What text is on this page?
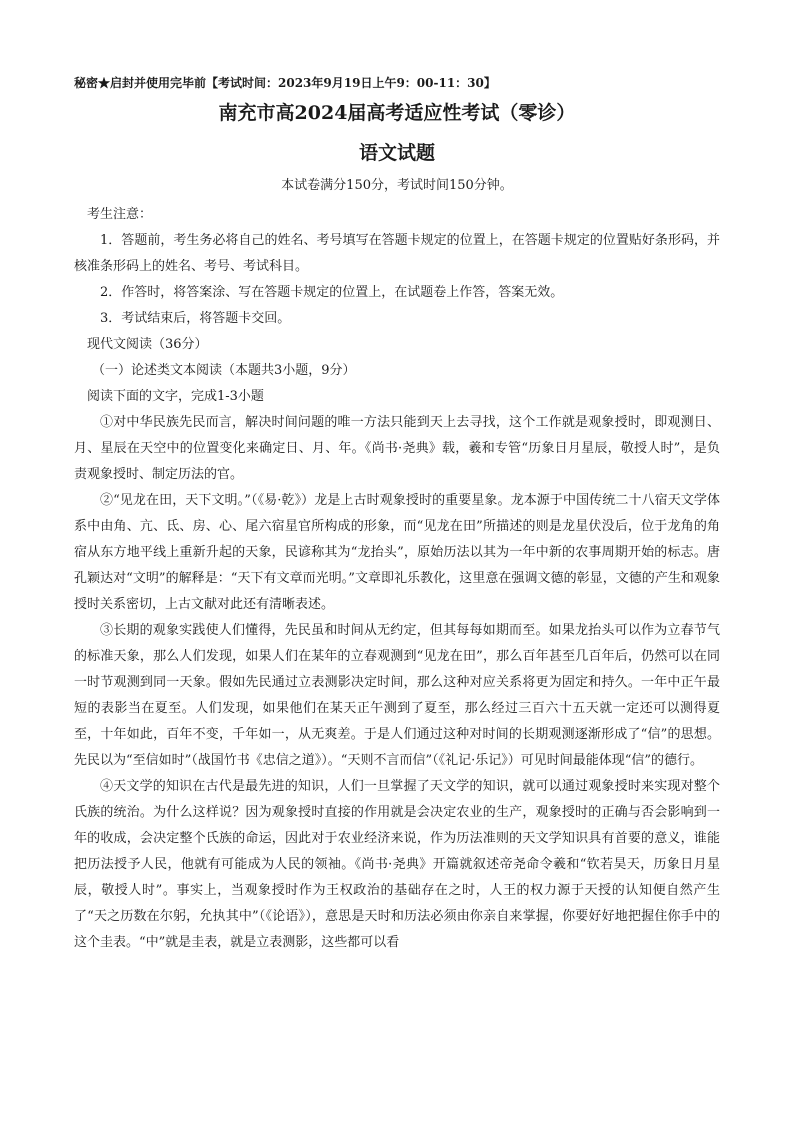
秘密★启封并使用完毕前【考试时间：2023年9月19日上午9：00-11：30】
南充市高2024届高考适应性考试（零诊）
语文试题
本试卷满分150分，考试时间150分钟。

考生注意：

1．答题前，考生务必将自己的姓名、考号填写在答题卡规定的位置上，在答题卡规定的位置贴好条形码，并核准条形码上的姓名、考号、考试科目。

2．作答时，将答案涂、写在答题卡规定的位置上，在试题卷上作答，答案无效。

3．考试结束后，将答题卡交回。

现代文阅读（36分）
（一）论述类文本阅读（本题共3小题，9分）
阅读下面的文字，完成1-3小题

①对中华民族先民而言，解决时间问题的唯一方法只能到天上去寻找，这个工作就是观象授时，即观测日、月、星辰在天空中的位置变化来确定日、月、年。《尚书·尧典》载，羲和专管“历象日月星辰，敬授人时”，是负责观象授时、制定历法的官。

②“见龙在田，天下文明。”（《易·乾》）龙是上古时观象授时的重要星象。龙本源于中国传统二十八宿天文学体系中由角、亢、氐、房、心、尾六宿星官所构成的形象，而“见龙在田”所描述的则是龙星伏没后，位于龙角的角宿从东方地平线上重新升起的天象，民谚称其为“龙抬头”，原始历法以其为一年中新的农事周期开始的标志。唐孔颖达对“文明”的解释是：“天下有文章而光明。”文章即礼乐教化，这里意在强调文德的彰显，文德的产生和观象授时关系密切，上古文献对此还有清晰表述。

③长期的观象实践使人们懂得，先民虽和时间从无约定，但其每每如期而至。如果龙抬头可以作为立春节气的标准天象，那么人们发现，如果人们在某年的立春观测到“见龙在田”，那么百年甚至几百年后，仍然可以在同一时节观测到同一天象。假如先民通过立表测影决定时间，那么这种对应关系将更为固定和持久。一年中正午最短的表影当在夏至。人们发现，如果他们在某天正午测到了夏至，那么经过三百六十五天就一定还可以测得夏至，十年如此，百年不变，千年如一，从无爽差。于是人们通过这种对时间的长期观测逐渐形成了“信”的思想。先民以为“至信如时”（战国竹书《忠信之道》）。“天则不言而信”（《礼记·乐记》）可见时间最能体现“信”的德行。

④天文学的知识在古代是最先进的知识，人们一旦掌握了天文学的知识，就可以通过观象授时来实现对整个氏族的统治。为什么这样说？因为观象授时直接的作用就是会决定农业的生产，观象授时的正确与否会影响到一年的收成，会决定整个氏族的命运，因此对于农业经济来说，作为历法准则的天文学知识具有首要的意义，谁能把历法授予人民，他就有可能成为人民的领袖。《尚书·尧典》开篇就叙述帝尧命令羲和“钦若昊天，历象日月星辰，敬授人时”。事实上，当观象授时作为王权政治的基础存在之时，人王的权力源于天授的认知便自然产生了“天之历数在尔躬，允执其中”（《论语》），意思是天时和历法必须由你亲自来掌握，你要好好地把握住你手中的这个圭表。“中”就是圭表，就是立表测影，这些都可以看
